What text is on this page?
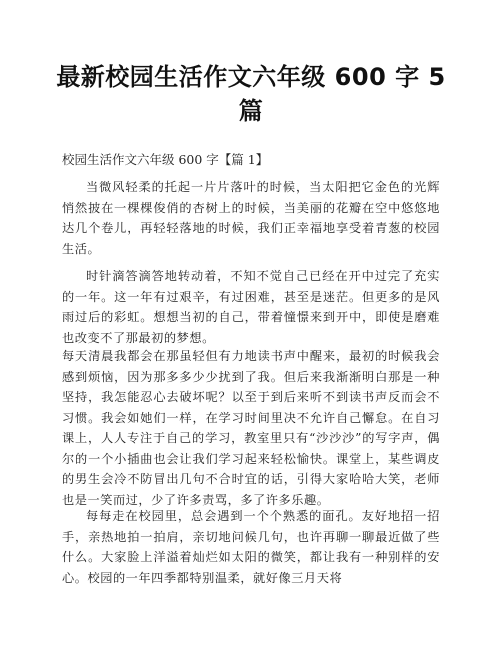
最新校园生活作文六年级 600 字 5 篇
校园生活作文六年级 600 字【篇 1】
当微风轻柔的托起一片片落叶的时候，当太阳把它金色的光辉悄然披在一棵棵俊俏的杏树上的时候，当美丽的花瓣在空中悠悠地达几个卷儿，再轻轻落地的时候，我们正幸福地享受着青葱的校园生活。
时针滴答滴答地转动着，不知不觉自己已经在开中过完了充实的一年。这一年有过艰辛，有过困难，甚至是迷茫。但更多的是风雨过后的彩虹。想想当初的自己，带着憧憬来到开中，即使是磨难也改变不了那最初的梦想。
每天清晨我都会在那虽轻但有力地读书声中醒来，最初的时候我会感到烦恼，因为那多多少少扰到了我。但后来我渐渐明白那是一种坚持，我怎能忍心去破坏呢？以至于到后来听不到读书声反而会不习惯。我会如她们一样，在学习时间里决不允许自己懈怠。在自习课上，人人专注于自己的学习，教室里只有“沙沙沙”的写字声，偶尔的一个小插曲也会让我们学习起来轻松愉快。课堂上，某些调皮的男生会冷不防冒出几句不合时宜的话，引得大家哈哈大笑，老师也是一笑而过，少了许多责骂，多了许多乐趣。
每每走在校园里，总会遇到一个个熟悉的面孔。友好地招一招手，亲热地拍一拍肩，亲切地问候几句，也许再聊一聊最近做了些什么。大家脸上洋溢着灿烂如太阳的微笑，都让我有一种别样的安心。校园的一年四季都特别温柔，就好像三月天将
